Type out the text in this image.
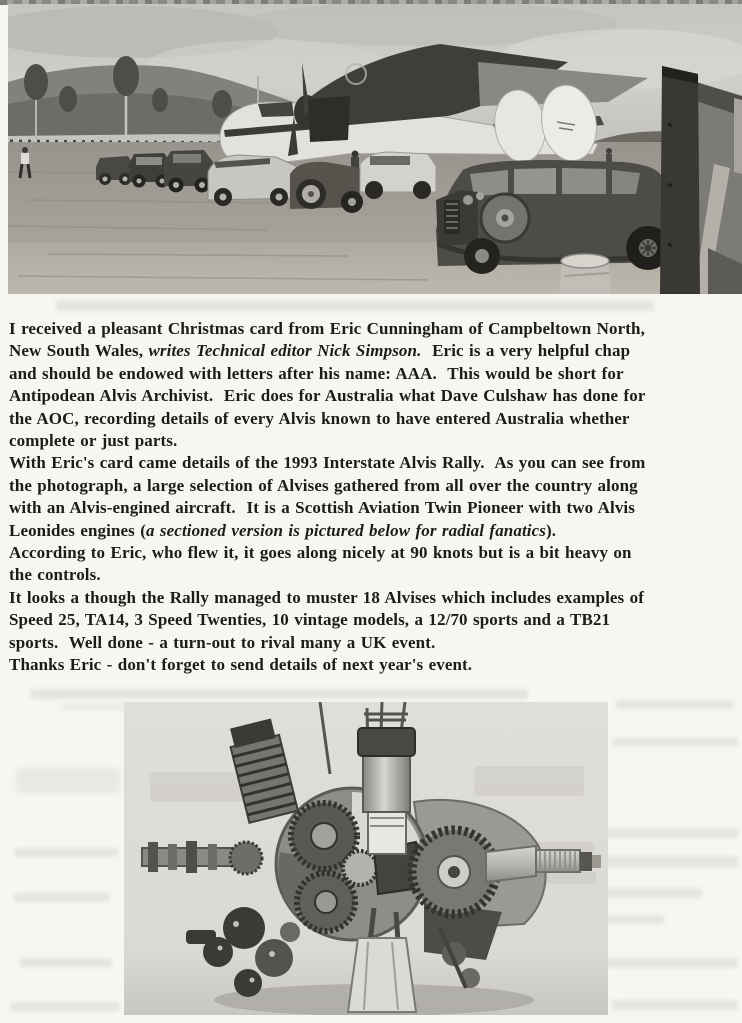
I received a pleasant Christmas card from Eric Cunningham of Campbeltown North,
New South Wales, writes Technical editor Nick Simpson.  Eric is a very helpful chap
and should be endowed with letters after his name: AAA.  This would be short for
Antipodean Alvis Archivist.  Eric does for Australia what Dave Culshaw has done for
the AOC, recording details of every Alvis known to have entered Australia whether
complete or just parts.
With Eric's card came details of the 1993 Interstate Alvis Rally.  As you can see from
the photograph, a large selection of Alvises gathered from all over the country along
with an Alvis-engined aircraft.  It is a Scottish Aviation Twin Pioneer with two Alvis
Leonides engines (a sectioned version is pictured below for radial fanatics).
According to Eric, who flew it, it goes along nicely at 90 knots but is a bit heavy on
the controls.
It looks a though the Rally managed to muster 18 Alvises which includes examples of
Speed 25, TA14, 3 Speed Twenties, 10 vintage models, a 12/70 sports and a TB21
sports.  Well done - a turn-out to rival many a UK event.
Thanks Eric - don't forget to send details of next year's event.
